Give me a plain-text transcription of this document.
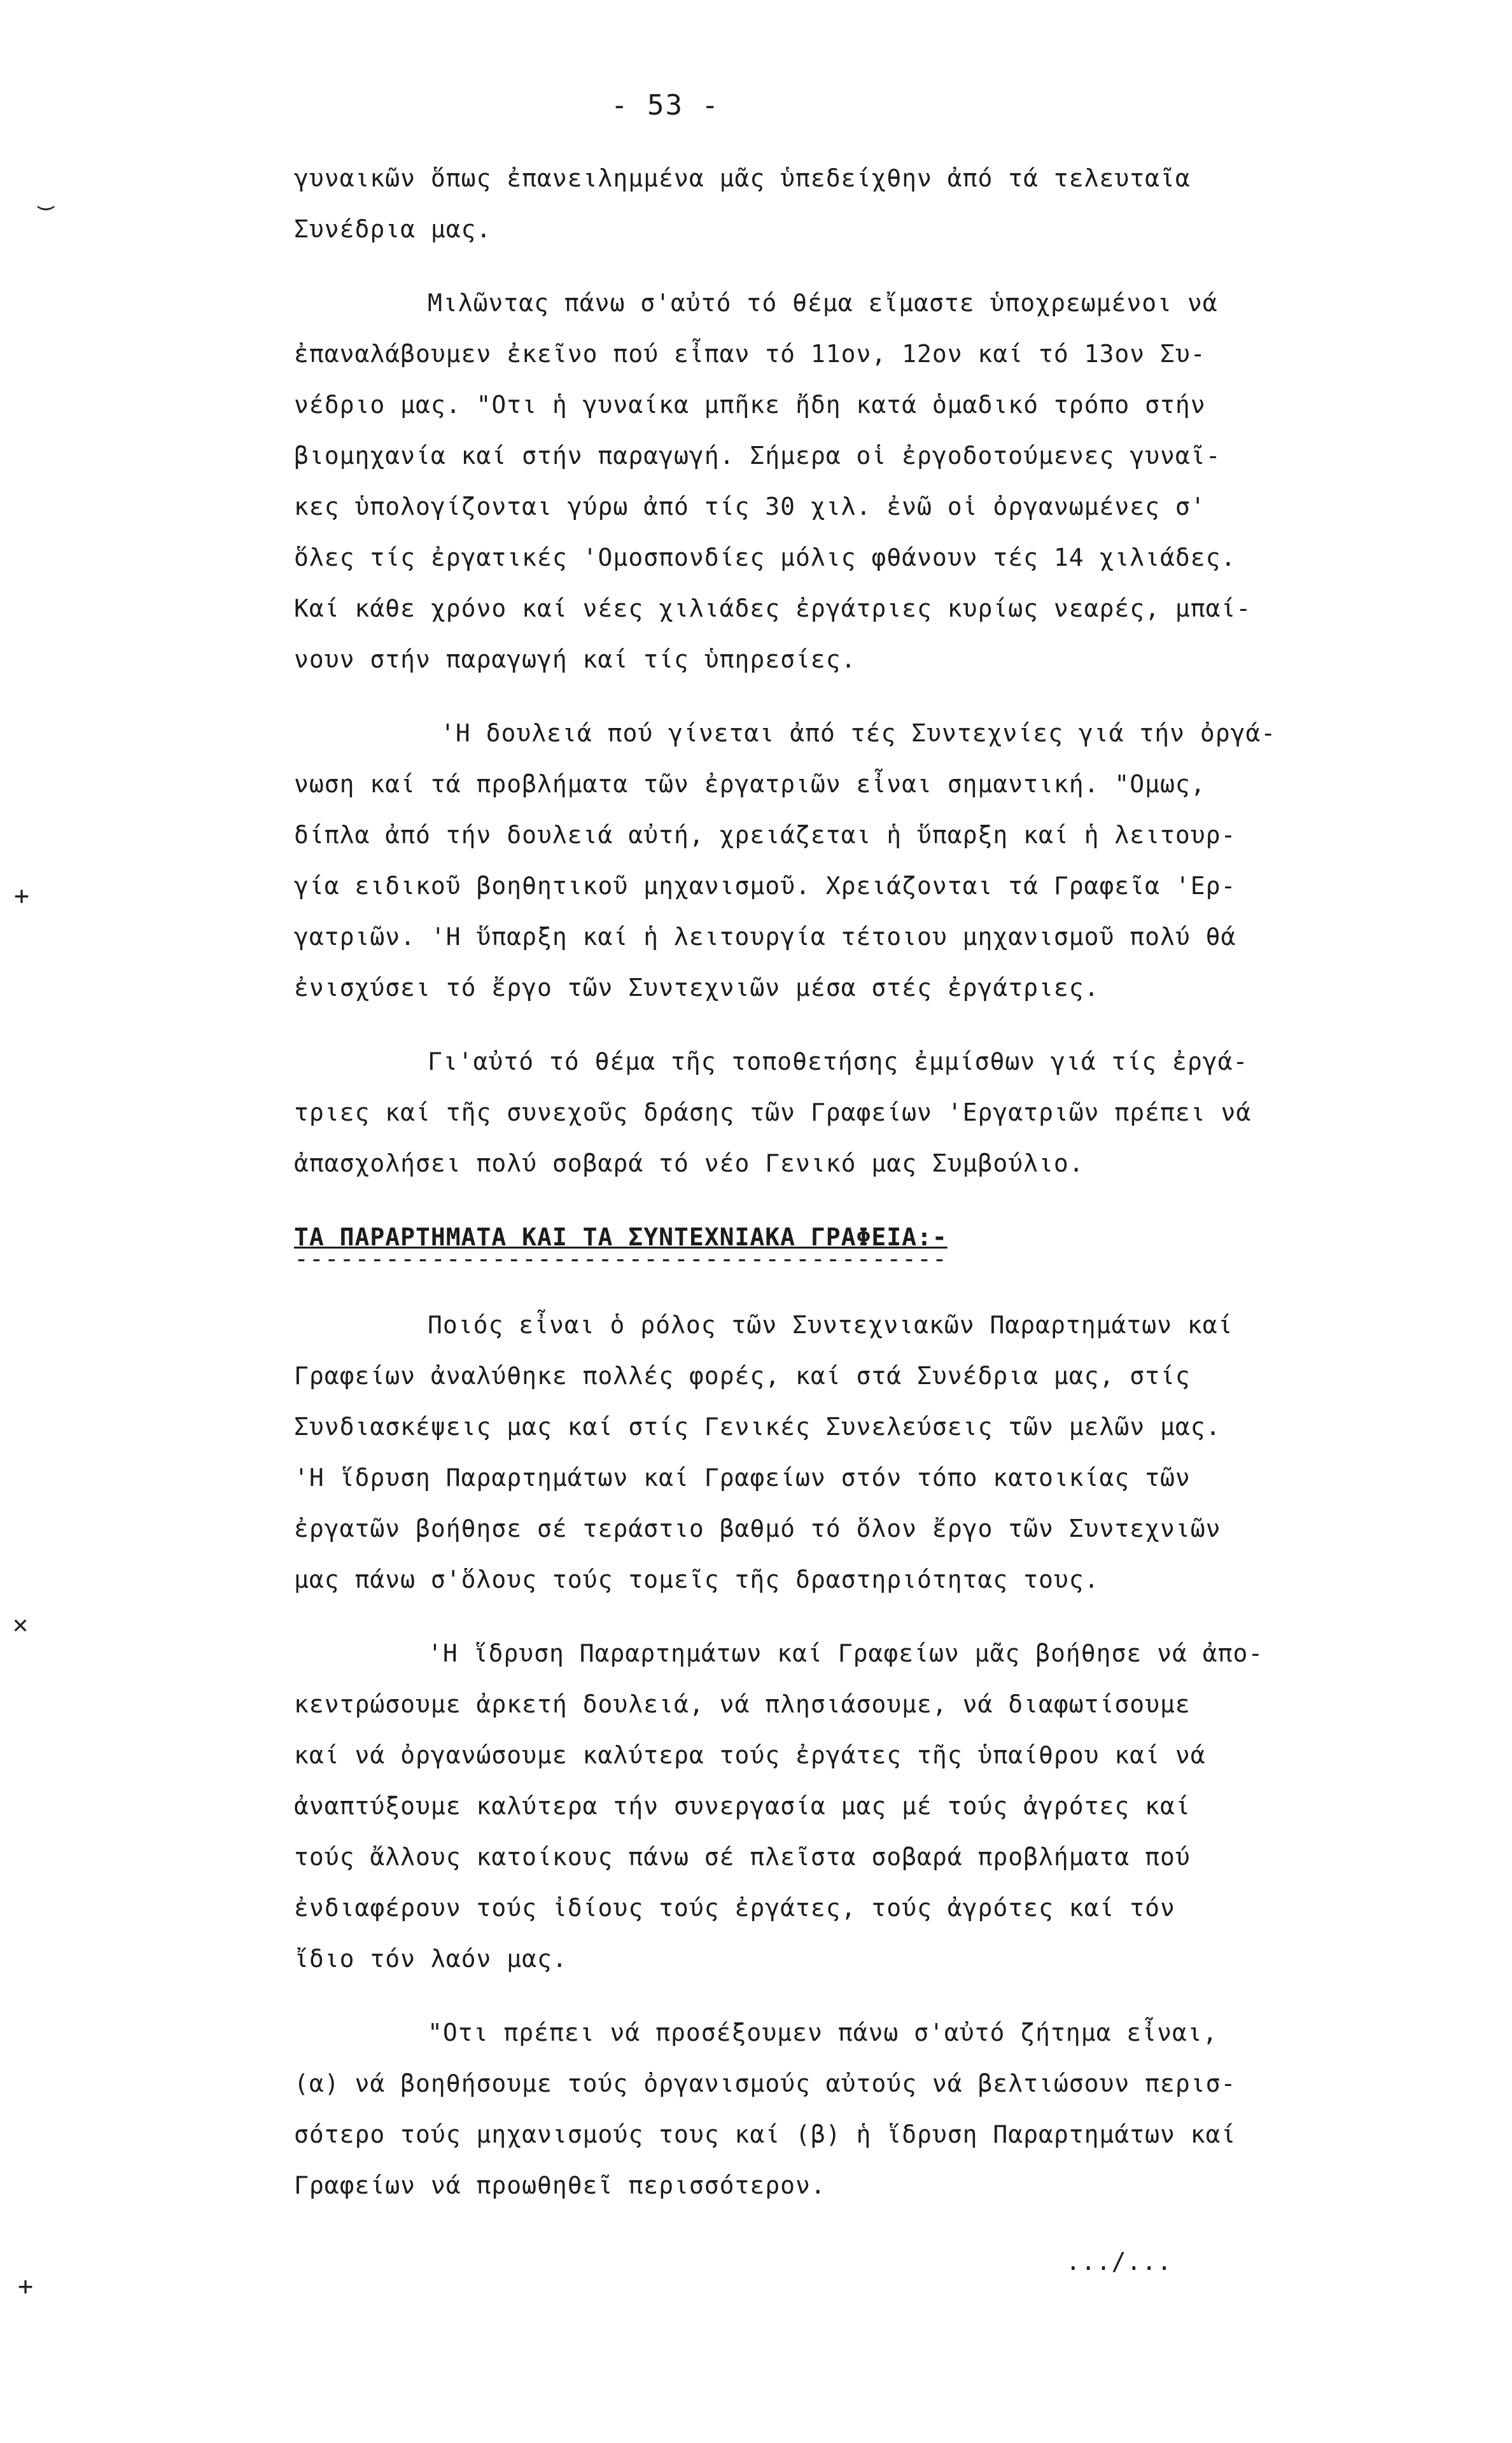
- 53 -
‿
+
✕
+
γυναικῶν ὅπως ἐπανειλημμένα μᾶς ὑπεδείχθην ἀπό τά τελευταῖα
Συνέδρια μας.
Μιλῶντας πάνω σ'αὐτό τό θέμα εἴμαστε ὑποχρεωμένοι νά
ἐπαναλάβουμεν ἐκεῖνο πού εἶπαν τό 11ον, 12ον καί τό 13ον Συ-
νέδριο μας. "Οτι ἡ γυναίκα μπῆκε ἤδη κατά ὁμαδικό τρόπο στήν
βιομηχανία καί στήν παραγωγή. Σήμερα οἱ ἐργοδοτούμενες γυναῖ-
κες ὑπολογίζονται γύρω ἀπό τίς 30 χιλ. ἐνῶ οἱ ὀργανωμένες σ'
ὅλες τίς ἐργατικές 'Ομοσπονδίες μόλις φθάνουν τές 14 χιλιάδες.
Καί κάθε χρόνο καί νέες χιλιάδες ἐργάτριες κυρίως νεαρές, μπαί-
νουν στήν παραγωγή καί τίς ὑπηρεσίες.
'Η δουλειά πού γίνεται ἀπό τές Συντεχνίες γιά τήν ὀργά-
νωση καί τά προβλήματα τῶν ἐργατριῶν εἶναι σημαντική. "Ομως,
δίπλα ἀπό τήν δουλειά αὐτή, χρειάζεται ἡ ὕπαρξη καί ἡ λειτουρ-
γία ειδικοῦ βοηθητικοῦ μηχανισμοῦ. Χρειάζονται τά Γραφεῖα 'Ερ-
γατριῶν. 'Η ὕπαρξη καί ἡ λειτουργία τέτοιου μηχανισμοῦ πολύ θά
ἐνισχύσει τό ἔργο τῶν Συντεχνιῶν μέσα στές ἐργάτριες.
Γι'αὐτό τό θέμα τῆς τοποθετήσης ἐμμίσθων γιά τίς ἐργά-
τριες καί τῆς συνεχοῦς δράσης τῶν Γραφείων 'Εργατριῶν πρέπει νά
ἀπασχολήσει πολύ σοβαρά τό νέο Γενικό μας Συμβούλιο.
ΤΑ ΠΑΡΑΡΤΗΜΑΤΑ ΚΑΙ ΤΑ ΣΥΝΤΕΧΝΙΑΚΑ ΓΡΑΦΕΙΑ:-
-------------------------------------------
Ποιός εἶναι ὁ ρόλος τῶν Συντεχνιακῶν Παραρτημάτων καί
Γραφείων ἀναλύθηκε πολλές φορές, καί στά Συνέδρια μας, στίς
Συνδιασκέψεις μας καί στίς Γενικές Συνελεύσεις τῶν μελῶν μας.
'Η ἵδρυση Παραρτημάτων καί Γραφείων στόν τόπο κατοικίας τῶν
ἐργατῶν βοήθησε σέ τεράστιο βαθμό τό ὅλον ἔργο τῶν Συντεχνιῶν
μας πάνω σ'ὅλους τούς τομεῖς τῆς δραστηριότητας τους.
'Η ἵδρυση Παραρτημάτων καί Γραφείων μᾶς βοήθησε νά ἀπο-
κεντρώσουμε ἀρκετή δουλειά, νά πλησιάσουμε, νά διαφωτίσουμε
καί νά ὀργανώσουμε καλύτερα τούς ἐργάτες τῆς ὑπαίθρου καί νά
ἀναπτύξουμε καλύτερα τήν συνεργασία μας μέ τούς ἀγρότες καί
τούς ἄλλους κατοίκους πάνω σέ πλεῖστα σοβαρά προβλήματα πού
ἐνδιαφέρουν τούς ἰδίους τούς ἐργάτες, τούς ἀγρότες καί τόν
ἴδιο τόν λαόν μας.
"Οτι πρέπει νά προσέξουμεν πάνω σ'αὐτό ζήτημα εἶναι,
(α) νά βοηθήσουμε τούς ὀργανισμούς αὐτούς νά βελτιώσουν περισ-
σότερο τούς μηχανισμούς τους καί (β) ἡ ἵδρυση Παραρτημάτων καί
Γραφείων νά προωθηθεῖ περισσότερον.
.../...
